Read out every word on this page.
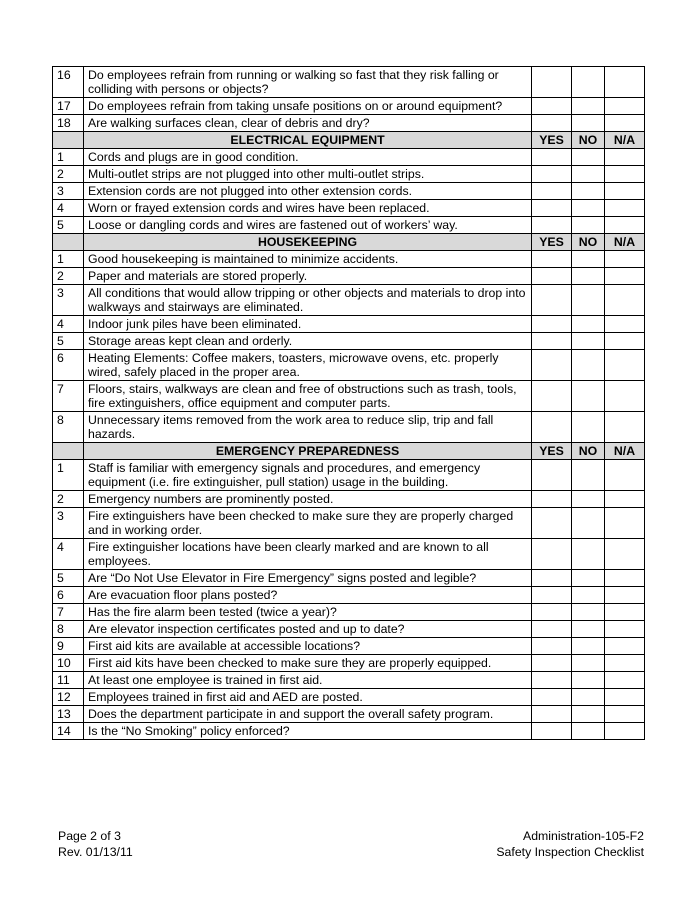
16	Do employees refrain from running or walking so fast that they risk falling or colliding with persons or objects?			
17	Do employees refrain from taking unsafe positions on or around equipment?			
18	Are walking surfaces clean, clear of debris and dry?			
	ELECTRICAL EQUIPMENT	YES	NO	N/A
1	Cords and plugs are in good condition.			
2	Multi-outlet strips are not plugged into other multi-outlet strips.			
3	Extension cords are not plugged into other extension cords.			
4	Worn or frayed extension cords and wires have been replaced.			
5	Loose or dangling cords and wires are fastened out of workers’ way.			
	HOUSEKEEPING	YES	NO	N/A
1	Good housekeeping is maintained to minimize accidents.			
2	Paper and materials are stored properly.			
3	All conditions that would allow tripping or other objects and materials to drop into walkways and stairways are eliminated.			
4	Indoor junk piles have been eliminated.			
5	Storage areas kept clean and orderly.			
6	Heating Elements: Coffee makers, toasters, microwave ovens, etc. properly wired, safely placed in the proper area.			
7	Floors, stairs, walkways are clean and free of obstructions such as trash, tools, fire extinguishers, office equipment and computer parts.			
8	Unnecessary items removed from the work area to reduce slip, trip and fall hazards.			
	EMERGENCY PREPAREDNESS	YES	NO	N/A
1	Staff is familiar with emergency signals and procedures, and emergency equipment (i.e. fire extinguisher, pull station) usage in the building.			
2	Emergency numbers are prominently posted.			
3	Fire extinguishers have been checked to make sure they are properly charged and in working order.			
4	Fire extinguisher locations have been clearly marked and are known to all employees.			
5	Are “Do Not Use Elevator in Fire Emergency” signs posted and legible?			
6	Are evacuation floor plans posted?			
7	Has the fire alarm been tested (twice a year)?			
8	Are elevator inspection certificates posted and up to date?			
9	First aid kits are available at accessible locations?			
10	First aid kits have been checked to make sure they are properly equipped.			
11	At least one employee is trained in first aid.			
12	Employees trained in first aid and AED are posted.			
13	Does the department participate in and support the overall safety program.			
14	Is the “No Smoking” policy enforced?			
Page 2 of 3
Rev. 01/13/11
Administration-105-F2
Safety Inspection Checklist
